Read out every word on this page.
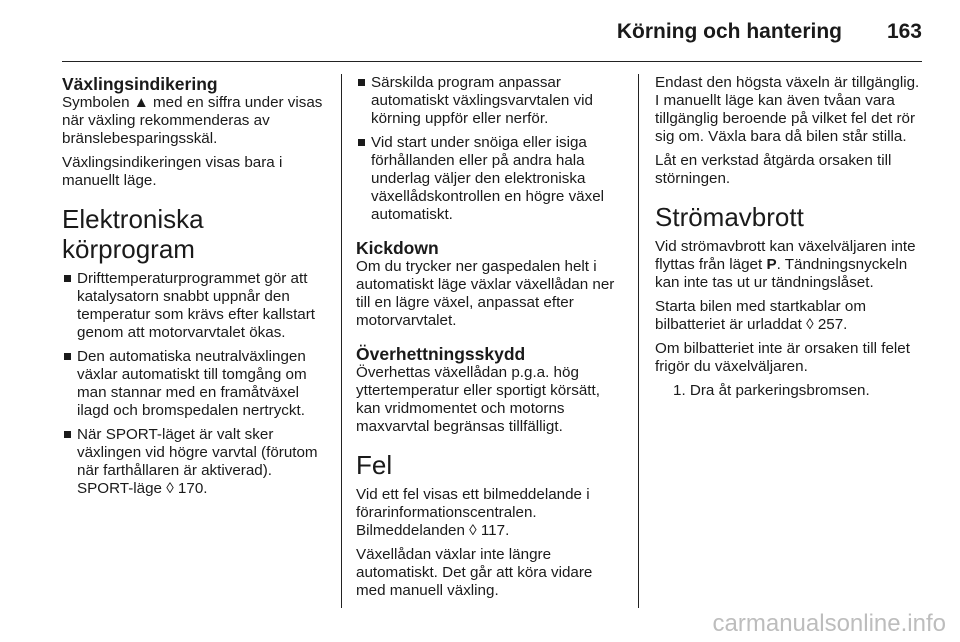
Körning och hantering 163
Växlingsindikering

Symbolen ▲ med en siffra under visas när växling rekommenderas av bränslebesparingsskäl.

Växlingsindikeringen visas bara i manuellt läge.

Elektroniska körprogram
Drifttemperaturprogrammet gör att katalysatorn snabbt uppnår den temperatur som krävs efter kallstart genom att motorvarvtalet ökas.
Den automatiska neutralväxlingen växlar automatiskt till tomgång om man stannar med en framåtväxel ilagd och bromspedalen nertryckt.
När SPORT-läget är valt sker växlingen vid högre varvtal (förutom när farthållaren är aktiverad). SPORT-läge ◊ 170.
Särskilda program anpassar automatiskt växlingsvarvtalen vid körning uppför eller nerför.
Vid start under snöiga eller isiga förhållanden eller på andra hala underlag väljer den elektroniska växellådskontrollen en högre växel automatiskt.
Kickdown

Om du trycker ner gaspedalen helt i automatiskt läge växlar växellådan ner till en lägre växel, anpassat efter motorvarvtalet.

Överhettningsskydd

Överhettas växellådan p.g.a. hög yttertemperatur eller sportigt körsätt, kan vridmomentet och motorns maxvarvtal begränsas tillfälligt.

Fel

Vid ett fel visas ett bilmeddelande i förarinformationscentralen. Bilmeddelanden ◊ 117.

Växellådan växlar inte längre automatiskt. Det går att köra vidare med manuell växling.

Endast den högsta växeln är tillgänglig. I manuellt läge kan även tvåan vara tillgänglig beroende på vilket fel det rör sig om. Växla bara då bilen står stilla.

Låt en verkstad åtgärda orsaken till störningen.

Strömavbrott

Vid strömavbrott kan växelväljaren inte flyttas från läget P. Tändningsnyckeln kan inte tas ut ur tändningslåset.

Starta bilen med startkablar om bilbatteriet är urladdat ◊ 257.

Om bilbatteriet inte är orsaken till felet frigör du växelväljaren.

1. Dra åt parkeringsbromsen.

carmanualsonline.info
